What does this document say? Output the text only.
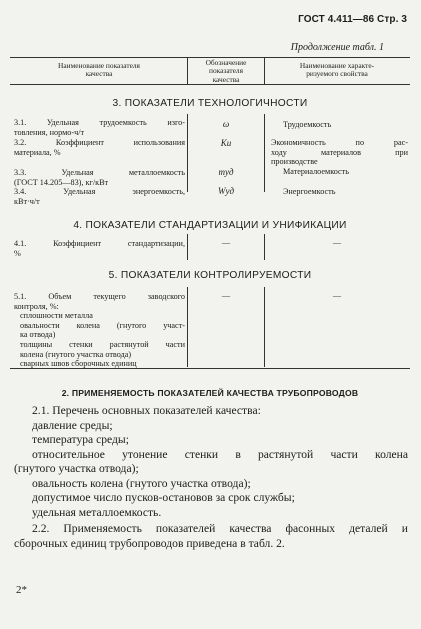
ГОСТ 4.411—86 Стр. 3
Продолжение табл. 1
Наименование показателя
качества
Обозначение
показателя
качества
Наименование характе-
ризуемого свойства
3. ПОКАЗАТЕЛИ ТЕХНОЛОГИЧНОСТИ
3.1. Удельная трудоемкость изго-
товления, нормо-ч/т
ω	Трудоемкость
3.2. Коэффициент использования
материала, %
Kи	Экономичность по рас-
ходу материалов при
производстве
3.3. Удельная металлоемкость
(ГОСТ 14.205—83), кг/кВт
mуд	Материалоемкость
3.4. Удельная энергоемкость,
кВт·ч/т
Wуд	Энергоемкость
4. ПОКАЗАТЕЛИ СТАНДАРТИЗАЦИИ И УНИФИКАЦИИ
4.1. Коэффициент стандартизации,
%
—	—
5. ПОКАЗАТЕЛИ КОНТРОЛИРУЕМОСТИ
5.1. Объем текущего заводского
контроля, %:
сплошности металла
овальности колена (гнутого участ-
ка отвода)
толщины стенки растянутой части
колена (гнутого участка отвода)
сварных швов сборочных единиц
—	—
2. ПРИМЕНЯЕМОСТЬ ПОКАЗАТЕЛЕЙ КАЧЕСТВА ТРУБОПРОВОДОВ
2.1. Перечень основных показателей качества:
давление среды;
температура среды;
относительное утонение стенки в растянутой части колена
(гнутого участка отвода);
овальность колена (гнутого участка отвода);
допустимое число пусков-остановов за срок службы;
удельная металлоемкость.
2.2. Применяемость показателей качества фасонных деталей и
сборочных единиц трубопроводов приведена в табл. 2.
2*
